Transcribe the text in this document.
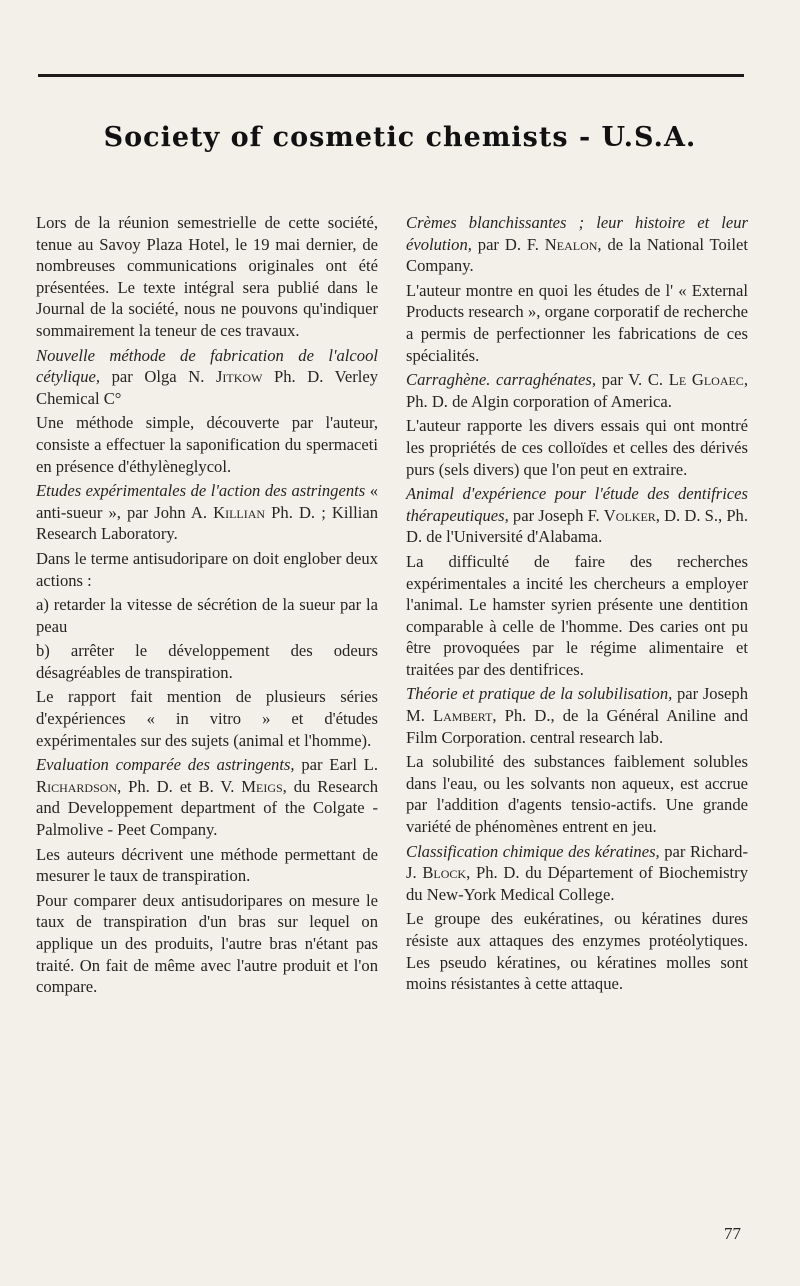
Society of cosmetic chemists - U.S.A.

Lors de la réunion semestrielle de cette société, tenue au Savoy Plaza Hotel, le 19 mai dernier, de nombreuses communications originales ont été présentées. Le texte intégral sera publié dans le Journal de la société, nous ne pouvons qu'indiquer sommairement la teneur de ces travaux.

Nouvelle méthode de fabrication de l'alcool cétylique, par Olga N. Jitkow Ph. D. Verley Chemical C°

Une méthode simple, découverte par l'auteur, consiste a effectuer la saponification du spermaceti en présence d'éthylèneglycol.

Etudes expérimentales de l'action des astringents « anti-sueur », par John A. Killian Ph. D. ; Killian Research Laboratory.

Dans le terme antisudoripare on doit englober deux actions :

a) retarder la vitesse de sécrétion de la sueur par la peau

b) arrêter le développement des odeurs désagréables de transpiration.

Le rapport fait mention de plusieurs séries d'expériences « in vitro » et d'études expérimentales sur des sujets (animal et l'homme).

Evaluation comparée des astringents, par Earl L. Richardson, Ph. D. et B. V. Meigs, du Research and Developpement department of the Colgate - Palmolive - Peet Company.

Les auteurs décrivent une méthode permettant de mesurer le taux de transpiration.

Pour comparer deux antisudoripares on mesure le taux de transpiration d'un bras sur lequel on applique un des produits, l'autre bras n'étant pas traité. On fait de même avec l'autre produit et l'on compare.

Crèmes blanchissantes ; leur histoire et leur évolution, par D. F. Nealon, de la National Toilet Company.

L'auteur montre en quoi les études de l' « External Products research », organe corporatif de recherche a permis de perfectionner les fabrications de ces spécialités.

Carraghène. carraghénates, par V. C. Le Gloaec, Ph. D. de Algin corporation of America.

L'auteur rapporte les divers essais qui ont montré les propriétés de ces colloïdes et celles des dérivés purs (sels divers) que l'on peut en extraire.

Animal d'expérience pour l'étude des dentifrices thérapeutiques, par Joseph F. Volker, D. D. S., Ph. D. de l'Université d'Alabama.

La difficulté de faire des recherches expérimentales a incité les chercheurs a employer l'animal. Le hamster syrien présente une dentition comparable à celle de l'homme. Des caries ont pu être provoquées par le régime alimentaire et traitées par des dentifrices.

Théorie et pratique de la solubilisation, par Joseph M. Lambert, Ph. D., de la Général Aniline and Film Corporation. central research lab.

La solubilité des substances faiblement solubles dans l'eau, ou les solvants non aqueux, est accrue par l'addition d'agents tensio-actifs. Une grande variété de phénomènes entrent en jeu.

Classification chimique des kératines, par Richard-J. Block, Ph. D. du Département of Biochemistry du New-York Medical College.

Le groupe des eukératines, ou kératines dures résiste aux attaques des enzymes protéolytiques. Les pseudo kératines, ou kératines molles sont moins résistantes à cette attaque.

77
